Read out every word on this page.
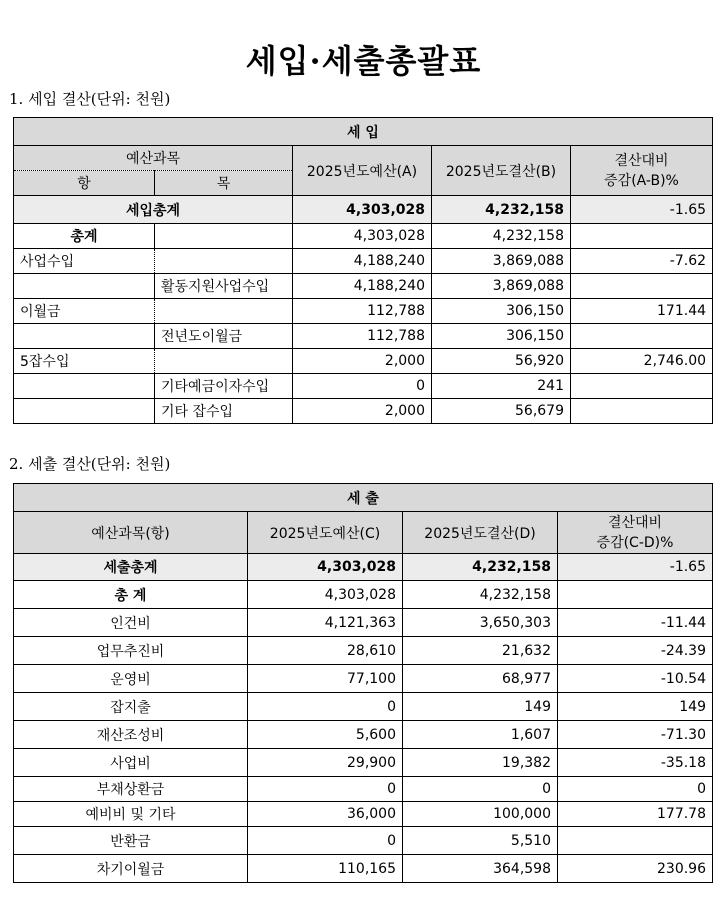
세입·세출총괄표
1. 세입 결산(단위: 천원)
세 입				
예산과목		2025년도예산(A)	2025년도결산(B)	결산대비
증감(A-B)%

항	목			
세입총계		4,303,028	4,232,158	-1.65
총계		4,303,028	4,232,158	
사업수입		4,188,240	3,869,088	-7.62
	활동지원사업수입	4,188,240	3,869,088	
이월금		112,788	306,150	171.44
	전년도이월금	112,788	306,150	
5잡수입		2,000	56,920	2,746.00
	기타예금이자수입	0	241	
	기타 잡수입	2,000	56,679	
2. 세출 결산(단위: 천원)
세 출			
예산과목(항)	2025년도예산(C)	2025년도결산(D)	결산대비
증감(C-D)%

세출총계	4,303,028	4,232,158	-1.65
총 계	4,303,028	4,232,158	
인건비	4,121,363	3,650,303	-11.44
업무추진비	28,610	21,632	-24.39
운영비	77,100	68,977	-10.54
잡지출	0	149	149
재산조성비	5,600	1,607	-71.30
사업비	29,900	19,382	-35.18
부채상환금	0	0	0
예비비 및 기타	36,000	100,000	177.78
반환금	0	5,510	
차기이월금	110,165	364,598	230.96
